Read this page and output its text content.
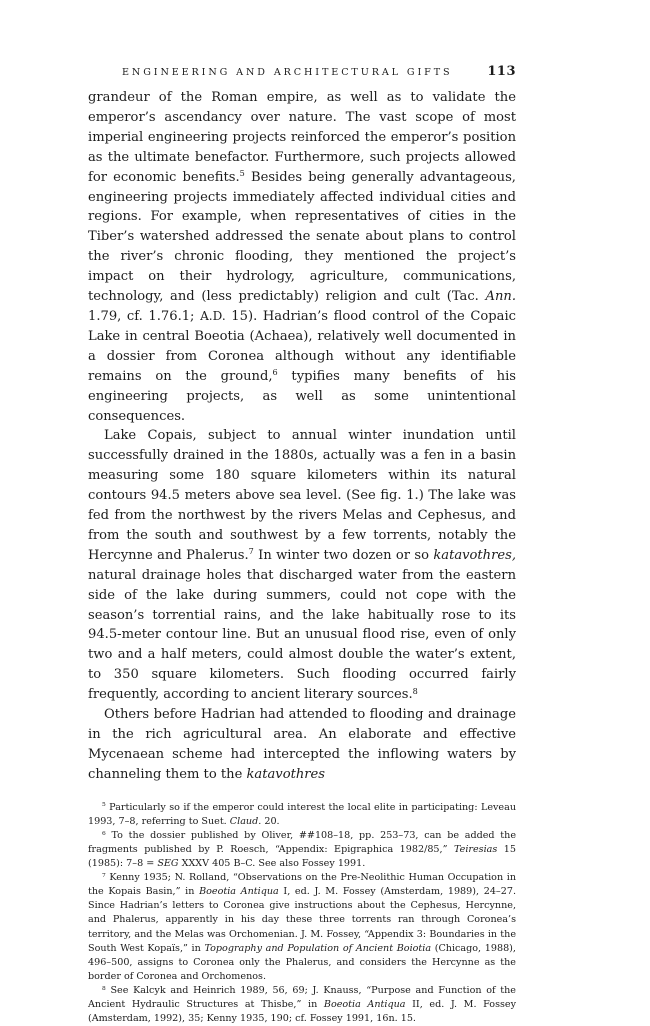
ENGINEERING AND ARCHITECTURAL GIFTS	113

grandeur of the Roman empire, as well as to validate the emperor’s ascendancy over nature. The vast scope of most imperial engineering projects reinforced the emperor’s position as the ultimate benefactor. Furthermore, such projects allowed for economic benefits.$^5$ Besides being generally advantageous, engineering projects immediately affected individual cities and regions. For example, when representatives of cities in the Tiber’s watershed addressed the senate about plans to control the river’s chronic flooding, they mentioned the project’s impact on their hydrology, agriculture, communications, technology, and (less predictably) religion and cult (Tac. Ann. 1.79, cf. 1.76.1; A.D. 15). Hadrian’s flood control of the Copaic Lake in central Boeotia (Achaea), relatively well documented in a dossier from Coronea although without any identifiable remains on the ground,$^6$ typifies many benefits of his engineering projects, as well as some unintentional consequences.

Lake Copais, subject to annual winter inundation until successfully drained in the 1880s, actually was a fen in a basin measuring some 180 square kilometers within its natural contours 94.5 meters above sea level. (See fig. 1.) The lake was fed from the northwest by the rivers Melas and Cephesus, and from the south and southwest by a few torrents, notably the Hercynne and Phalerus.$^7$ In winter two dozen or so katavothres, natural drainage holes that discharged water from the eastern side of the lake during summers, could not cope with the season’s torrential rains, and the lake habitually rose to its 94.5-meter contour line. But an unusual flood rise, even of only two and a half meters, could almost double the water’s extent, to 350 square kilometers. Such flooding occurred fairly frequently, according to ancient literary sources.$^8$

Others before Hadrian had attended to flooding and drainage in the rich agricultural area. An elaborate and effective Mycenaean scheme had intercepted the inflowing waters by channeling them to the katavothres

$^5$ Particularly so if the emperor could interest the local elite in participating: Leveau 1993, 7–8, referring to Suet. Claud. 20.

$^6$ To the dossier published by Oliver, ##108–18, pp. 253–73, can be added the fragments published by P. Roesch, “Appendix: Epigraphica 1982/85,” Teiresias 15 (1985): 7–8 = SEG XXXV 405 B–C. See also Fossey 1991.

$^7$ Kenny 1935; N. Rolland, “Observations on the Pre-Neolithic Human Occupation in the Kopais Basin,” in Boeotia Antiqua I, ed. J. M. Fossey (Amsterdam, 1989), 24–27. Since Hadrian’s letters to Coronea give instructions about the Cephesus, Hercynne, and Phalerus, apparently in his day these three torrents ran through Coronea’s territory, and the Melas was Orchomenian. J. M. Fossey, “Appendix 3: Boundaries in the South West Kopaïs,” in Topography and Population of Ancient Boiotia (Chicago, 1988), 496–500, assigns to Coronea only the Phalerus, and considers the Hercynne as the border of Coronea and Orchomenos.

$^8$ See Kalcyk and Heinrich 1989, 56, 69; J. Knauss, “Purpose and Function of the Ancient Hydraulic Structures at Thisbe,” in Boeotia Antiqua II, ed. J. M. Fossey (Amsterdam, 1992), 35; Kenny 1935, 190; cf. Fossey 1991, 16n. 15.
